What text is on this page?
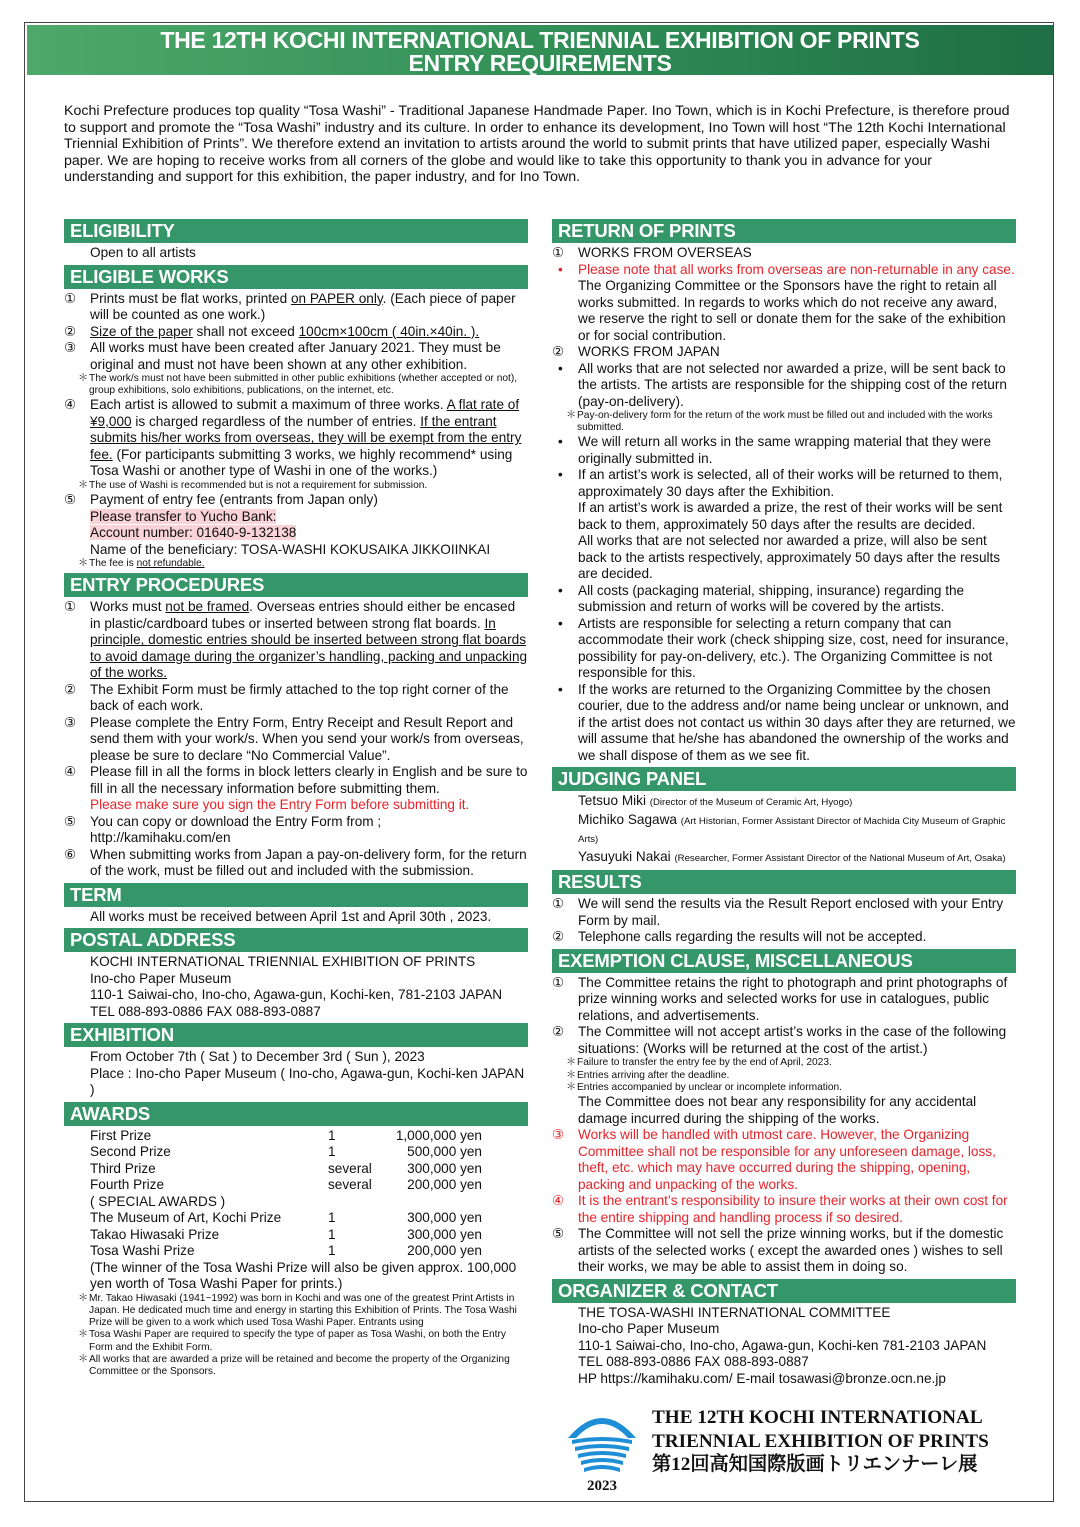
THE 12TH KOCHI INTERNATIONAL TRIENNIAL EXHIBITION OF PRINTS
ENTRY REQUIREMENTS
Kochi Prefecture produces top quality “Tosa Washi” - Traditional Japanese Handmade Paper. Ino Town, which is in Kochi Prefecture, is therefore proud to support and promote the “Tosa Washi” industry and its culture. In order to enhance its development, Ino Town will host “The 12th Kochi International Triennial Exhibition of Prints”. We therefore extend an invitation to artists around the world to submit prints that have utilized paper, especially Washi paper. We are hoping to receive works from all corners of the globe and would like to take this opportunity to thank you in advance for your understanding and support for this exhibition, the paper industry, and for Ino Town.
ELIGIBILITY
Open to all artists
ELIGIBLE WORKS
①	Prints must be flat works, printed on PAPER only. (Each piece of paper will be counted as one work.)
②	Size of the paper shall not exceed 100cm×100cm ( 40in.×40in. ).
③	All works must have been created after January 2021. They must be original and must not have been shown at any other exhibition.
＊ The work/s must not have been submitted in other public exhibitions (whether accepted or not), group exhibitions, solo exhibitions, publications, on the internet, etc.
④	Each artist is allowed to submit a maximum of three works. A flat rate of ¥9,000 is charged regardless of the number of entries. If the entrant submits his/her works from overseas, they will be exempt from the entry fee. (For participants submitting 3 works, we highly recommend* using Tosa Washi or another type of Washi in one of the works.)
＊ The use of Washi is recommended but is not a requirement for submission.
⑤	Payment of entry fee (entrants from Japan only)
Please transfer to Yucho Bank:
Account number: 01640-9-132138
Name of the beneficiary: TOSA-WASHI KOKUSAIKA JIKKOIINKAI
＊ The fee is not refundable.
ENTRY PROCEDURES
①	Works must not be framed. Overseas entries should either be encased in plastic/cardboard tubes or inserted between strong flat boards. In principle, domestic entries should be inserted between strong flat boards to avoid damage during the organizer’s handling, packing and unpacking of the works.
②	The Exhibit Form must be firmly attached to the top right corner of the back of each work.
③	Please complete the Entry Form, Entry Receipt and Result Report and send them with your work/s. When you send your work/s from overseas, please be sure to declare “No Commercial Value”.
④	Please fill in all the forms in block letters clearly in English and be sure to fill in all the necessary information before submitting them.
Please make sure you sign the Entry Form before submitting it.
⑤	You can copy or download the Entry Form from ;
http://kamihaku.com/en
⑥	When submitting works from Japan a pay-on-delivery form, for the return of the work, must be filled out and included with the submission.
TERM
All works must be received between April 1st and April 30th , 2023.
POSTAL ADDRESS
KOCHI INTERNATIONAL TRIENNIAL EXHIBITION OF PRINTS
Ino-cho Paper Museum
110-1 Saiwai-cho, Ino-cho, Agawa-gun, Kochi-ken, 781-2103 JAPAN
TEL 088-893-0886 FAX 088-893-0887
EXHIBITION
From October 7th ( Sat ) to December 3rd ( Sun ), 2023
Place : Ino-cho Paper Museum ( Ino-cho, Agawa-gun, Kochi-ken JAPAN )
AWARDS
First Prize	1	1,000,000 yen
Second Prize	1	500,000 yen
Third Prize	several	300,000 yen
Fourth Prize	several	200,000 yen
( SPECIAL AWARDS )
The Museum of Art, Kochi Prize	1	300,000 yen
Takao Hiwasaki Prize	1	300,000 yen
Tosa Washi Prize	1	200,000 yen
(The winner of the Tosa Washi Prize will also be given approx. 100,000 yen worth of Tosa Washi Paper for prints.)
＊ Mr. Takao Hiwasaki (1941~1992) was born in Kochi and was one of the greatest Print Artists in Japan. He dedicated much time and energy in starting this Exhibition of Prints. The Tosa Washi Prize will be given to a work which used Tosa Washi Paper. Entrants using
＊ Tosa Washi Paper are required to specify the type of paper as Tosa Washi, on both the Entry Form and the Exhibit Form.
＊ All works that are awarded a prize will be retained and become the property of the Organizing Committee or the Sponsors.
RETURN OF PRINTS
①	WORKS FROM OVERSEAS
•	Please note that all works from overseas are non-returnable in any case. The Organizing Committee or the Sponsors have the right to retain all works submitted. In regards to works which do not receive any award, we reserve the right to sell or donate them for the sake of the exhibition or for social contribution.
②	WORKS FROM JAPAN
•	All works that are not selected nor awarded a prize, will be sent back to the artists. The artists are responsible for the shipping cost of the return (pay-on-delivery).
＊ Pay-on-delivery form for the return of the work must be filled out and included with the works submitted.
•	We will return all works in the same wrapping material that they were originally submitted in.
•	If an artist’s work is selected, all of their works will be returned to them, approximately 30 days after the Exhibition.
If an artist’s work is awarded a prize, the rest of their works will be sent back to them, approximately 50 days after the results are decided.
All works that are not selected nor awarded a prize, will also be sent back to the artists respectively, approximately 50 days after the results are decided.
•	All costs (packaging material, shipping, insurance) regarding the submission and return of works will be covered by the artists.
•	Artists are responsible for selecting a return company that can accommodate their work (check shipping size, cost, need for insurance, possibility for pay-on-delivery, etc.). The Organizing Committee is not responsible for this.
•	If the works are returned to the Organizing Committee by the chosen courier, due to the address and/or name being unclear or unknown, and if the artist does not contact us within 30 days after they are returned, we will assume that he/she has abandoned the ownership of the works and we shall dispose of them as we see fit.
JUDGING PANEL
Tetsuo Miki (Director of the Museum of Ceramic Art, Hyogo)
Michiko Sagawa (Art Historian, Former Assistant Director of Machida City Museum of Graphic Arts)
Yasuyuki Nakai (Researcher, Former Assistant Director of the National Museum of Art, Osaka)
RESULTS
①	We will send the results via the Result Report enclosed with your Entry Form by mail.
②	Telephone calls regarding the results will not be accepted.
EXEMPTION CLAUSE, MISCELLANEOUS
①	The Committee retains the right to photograph and print photographs of prize winning works and selected works for use in catalogues, public relations, and advertisements.
②	The Committee will not accept artist’s works in the case of the following situations: (Works will be returned at the cost of the artist.)
＊ Failure to transfer the entry fee by the end of April, 2023.
＊ Entries arriving after the deadline.
＊ Entries accompanied by unclear or incomplete information.
The Committee does not bear any responsibility for any accidental damage incurred during the shipping of the works.
③	Works will be handled with utmost care. However, the Organizing Committee shall not be responsible for any unforeseen damage, loss, theft, etc. which may have occurred during the shipping, opening, packing and unpacking of the works.
④	It is the entrant’s responsibility to insure their works at their own cost for the entire shipping and handling process if so desired.
⑤	The Committee will not sell the prize winning works, but if the domestic artists of the selected works ( except the awarded ones ) wishes to sell their works, we may be able to assist them in doing so.
ORGANIZER & CONTACT
THE TOSA-WASHI INTERNATIONAL COMMITTEE
Ino-cho Paper Museum
110-1 Saiwai-cho, Ino-cho, Agawa-gun, Kochi-ken 781-2103 JAPAN
TEL 088-893-0886 FAX 088-893-0887
HP https://kamihaku.com/ E-mail tosawasi@bronze.ocn.ne.jp
2023
THE 12TH KOCHI INTERNATIONAL
TRIENNIAL EXHIBITION OF PRINTS
第12回高知国際版画トリエンナーレ展
